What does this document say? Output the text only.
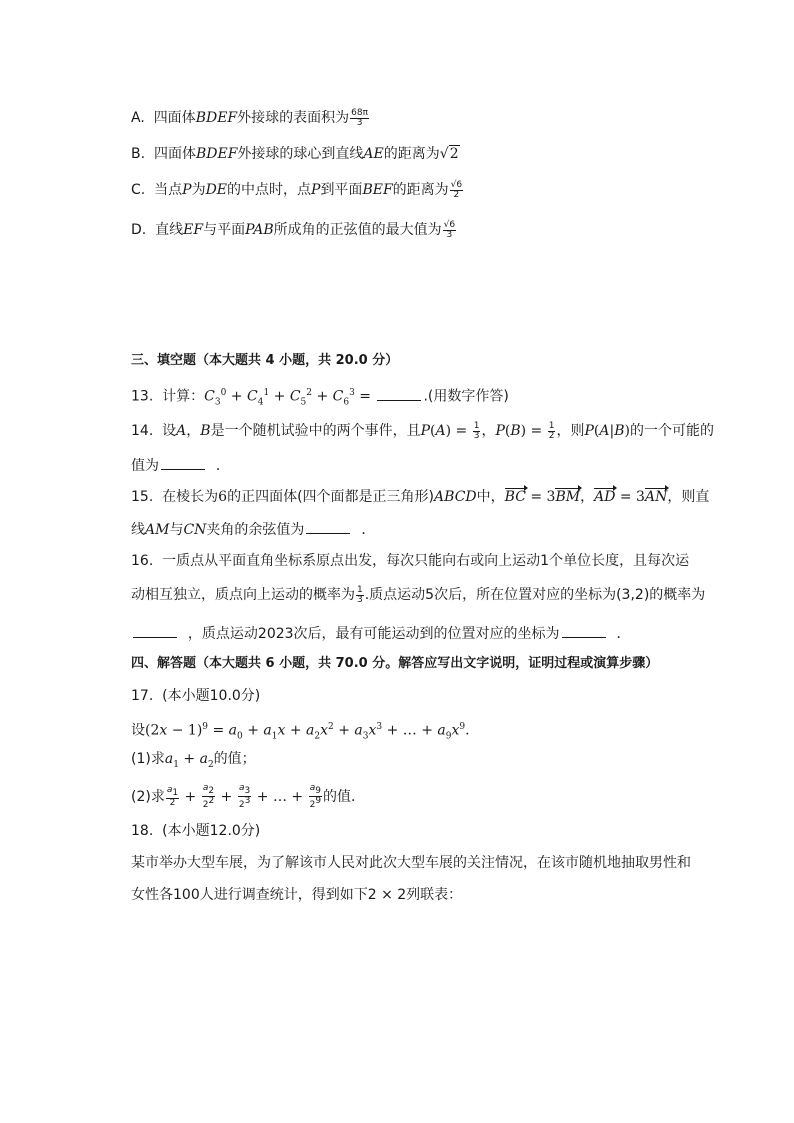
A. 四面体BDEF外接球的表面积为 $\frac{68\pi}{3}$
B. 四面体BDEF外接球的球心到直线AE的距离为√2
C. 当点P为DE的中点时，点P到平面BEF的距离为 $\frac{√6}{2}$
D. 直线EF与平面PAB所成角的正弦值的最大值为 $\frac{√6}{3}$
三、填空题（本大题共 4 小题，共 20.0 分）
13. 计算：$C_3^0 + C_4^1 + C_5^2 + C_6^3$ =	.(用数字作答)
14. 设A，B是一个随机试验中的两个事件，且$P(A) = \frac{1}{3}$ ，$P(B) = \frac{1}{2}$ ，则P(A|B)的一个可能的
值为	．
15. 在棱长为6的正四面体(四个面都是正三角形)ABCD中，BC = 3BM，AD = 3AN，则直
线AM与CN夹角的余弦值为	．
16. 一质点从平面直角坐标系原点出发，每次只能向右或向上运动1个单位长度，且每次运
动相互独立，质点向上运动的概率为 $\frac{1}{3}$ .质点运动5次后，所在位置对应的坐标为(3,2)的概率为
，质点运动2023次后，最有可能运动到的位置对应的坐标为	．
四、解答题（本大题共 6 小题，共 70.0 分。解答应写出文字说明，证明过程或演算步骤）
17. (本小题10.0分)
设$(2x - 1)^9 = a_0 + a_1x + a_2x^2 + a_3x^3$ + … + $a_9x^9$.
(1)求$a_1 + a_2$的值；
(2)求 $\frac{a_1}{2} + \frac{a_2}{2^2} + \frac{a_3}{2^3}$ + … + $\frac{a_9}{2^9}$ 的值．
18. (本小题12.0分)
某市举办大型车展，为了解该市人民对此次大型车展的关注情况，在该市随机地抽取男性和
女性各100人进行调查统计，得到如下2 × 2列联表：
